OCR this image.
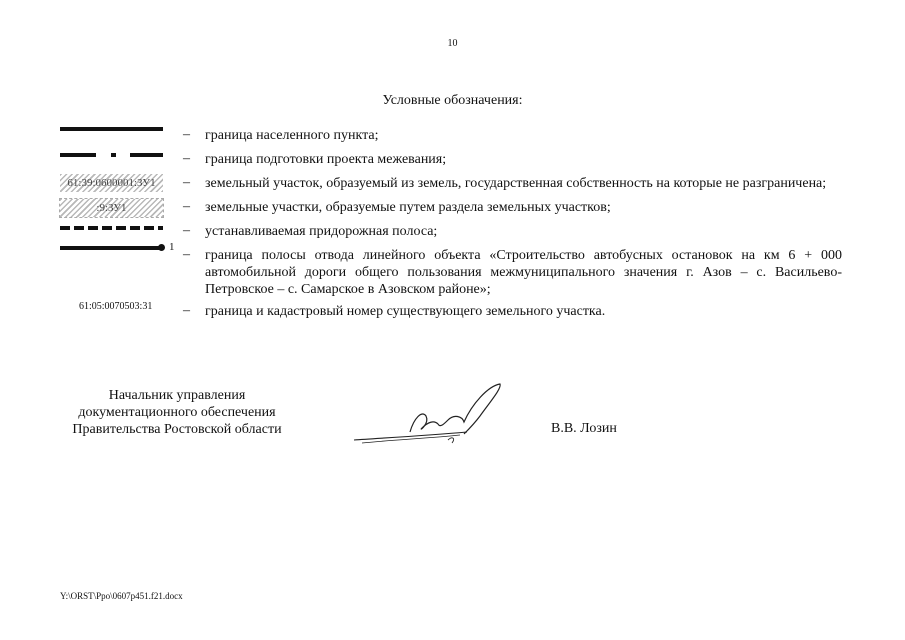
10
Условные обозначения:
– граница населенного пункта;
– граница подготовки проекта межевания;
61:39:0600001:ЗУ1	– земельный участок, образуемый из земель, государственная собственность на которые не разграничена;
:9:ЗУ1	– земельные участки, образуемые путем раздела земельных участков;
– устанавливаемая придорожная полоса;
1 – граница полосы отвода линейного объекта «Строительство автобусных остановок на км 6 + 000 автомобильной дороги общего пользования межмуниципального значения г. Азов – с. Васильево-Петровское – с. Самарское в Азовском районе»;
61:05:0070503:31 – граница и кадастровый номер существующего земельного участка.
Начальник управления
документационного обеспечения
Правительства Ростовской области	В.В. Лозин
Y:\ORST\Ppo\0607p451.f21.docx
